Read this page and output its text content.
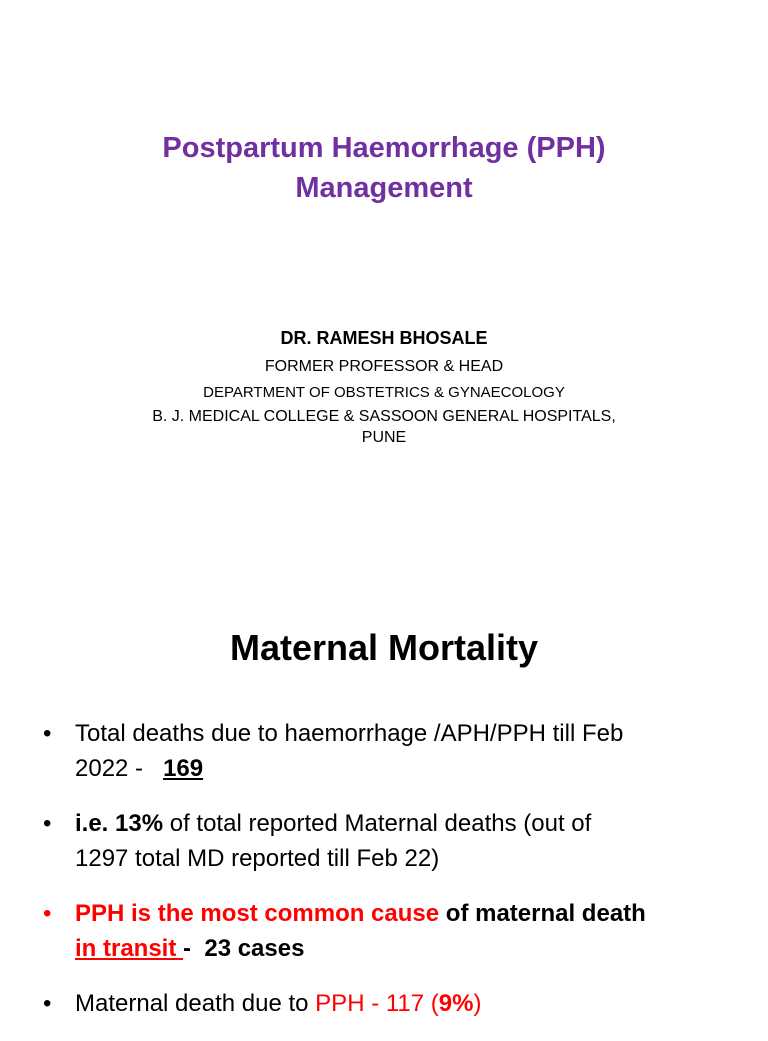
Postpartum Haemorrhage (PPH)
Management
DR. RAMESH BHOSALE
FORMER PROFESSOR & HEAD
DEPARTMENT OF OBSTETRICS & GYNAECOLOGY
B. J. MEDICAL COLLEGE & SASSOON GENERAL HOSPITALS,
PUNE
Maternal Mortality
• Total deaths due to haemorrhage /APH/PPH till Feb
2022 -   169
• i.e. 13% of total reported Maternal deaths (out of
1297 total MD reported till Feb 22)
• PPH is the most common cause of maternal death
in transit -  23 cases
• Maternal death due to PPH - 117 (9%)
